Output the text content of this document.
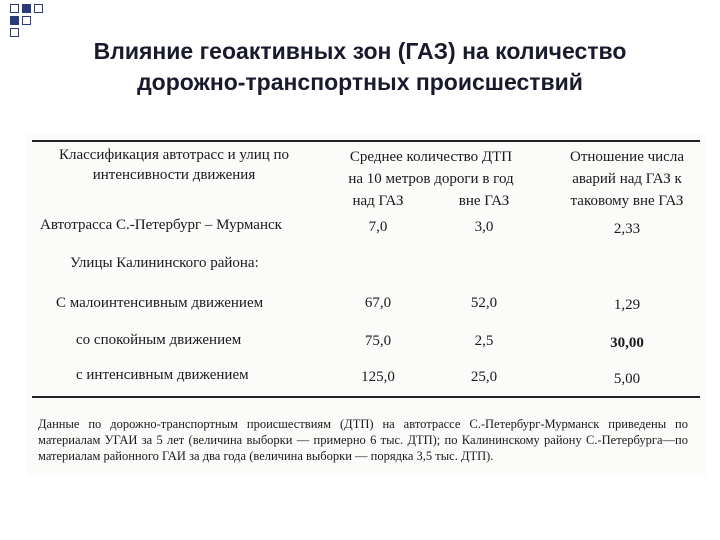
Влияние геоактивных зон (ГАЗ) на количество
дорожно-транспортных происшествий
Классификация автотрасс и улиц по
интенсивности движения
Среднее количество ДТП
на 10 метров дороги в год
над ГАЗ	вне ГАЗ
Отношение числа
аварий над ГАЗ к
таковому вне ГАЗ
Автотрасса С.-Петербург – Мурманск	7,0	3,0	2,33
Улицы Калининского района:
С малоинтенсивным движением	67,0	52,0	1,29
со спокойным движением	75,0	2,5	30,00
с интенсивным движением	125,0	25,0	5,00
Данные по дорожно-транспортным происшествиям (ДТП) на автотрассе С.-Петербург-Мурманск приведены по материалам УГАИ за 5 лет (величина выборки — примерно 6 тыс. ДТП); по Калининскому району С.-Петербурга—по материалам районного ГАИ за два года (величина выборки — порядка 3,5 тыс. ДТП).
